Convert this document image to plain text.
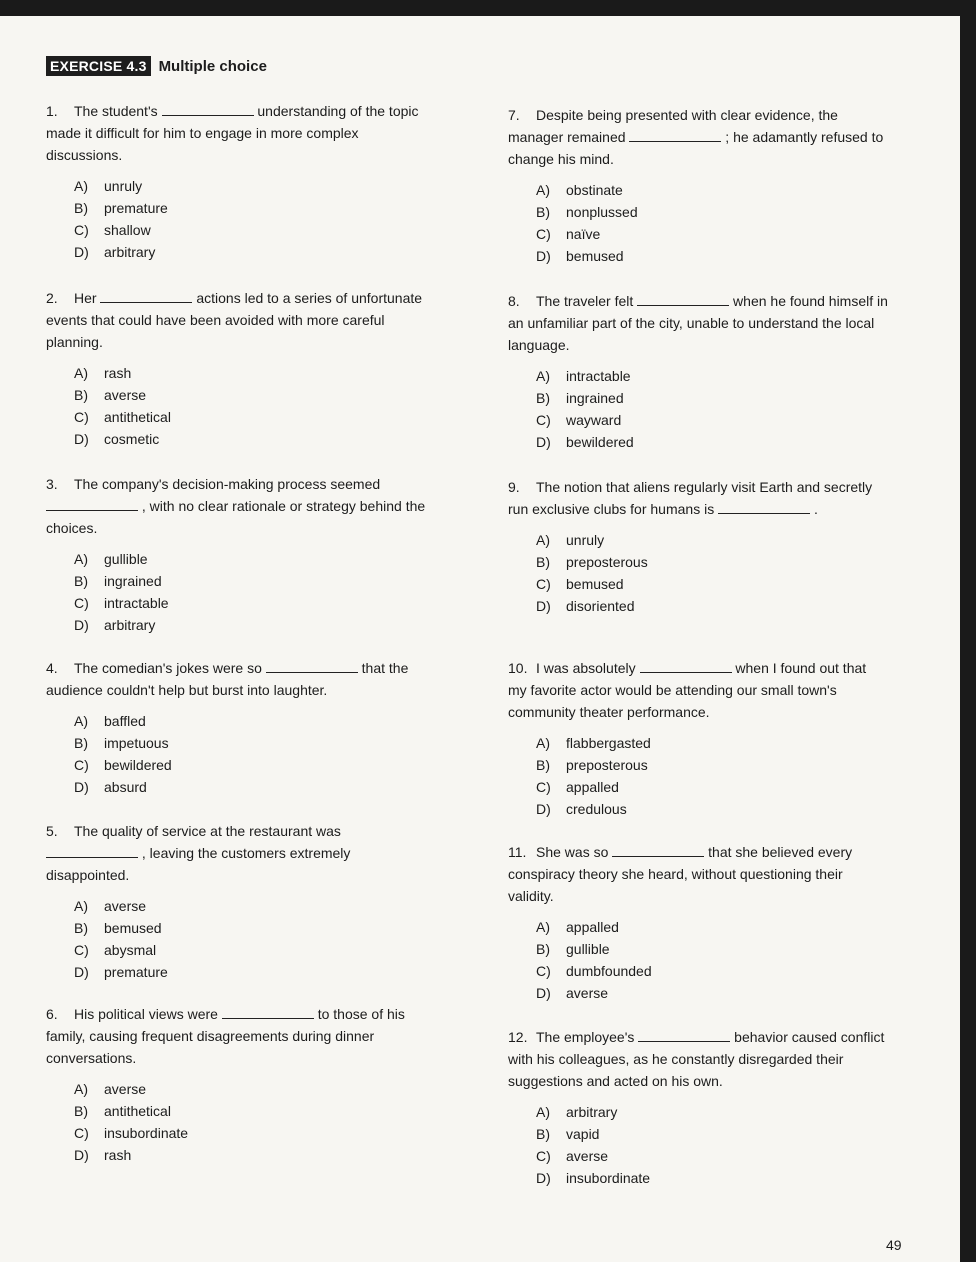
EXERCISE 4.3 Multiple choice

1. The student's	understanding of the topic made it difficult for him to engage in more complex discussions.

A) unruly
B) premature
C) shallow
D) arbitrary

2. Her	actions led to a series of unfortunate events that could have been avoided with more careful planning.

A) rash
B) averse
C) antithetical
D) cosmetic

3. The company's decision-making process seemed  , with no clear rationale or strategy behind the choices.

A) gullible
B) ingrained
C) intractable
D) arbitrary

4. The comedian's jokes were so	that the audience couldn't help but burst into laughter.

A) baffled
B) impetuous
C) bewildered
D) absurd

5. The quality of service at the restaurant was  , leaving the customers extremely disappointed.

A) averse
B) bemused
C) abysmal
D) premature

6. His political views were	to those of his family, causing frequent disagreements during dinner conversations.

A) averse
B) antithetical
C) insubordinate
D) rash

7. Despite being presented with clear evidence, the manager remained	; he adamantly refused to change his mind.

A) obstinate
B) nonplussed
C) naïve
D) bemused

8. The traveler felt	when he found himself in an unfamiliar part of the city, unable to understand the local language.

A) intractable
B) ingrained
C) wayward
D) bewildered

9. The notion that aliens regularly visit Earth and secretly run exclusive clubs for humans is	.

A) unruly
B) preposterous
C) bemused
D) disoriented

10. I was absolutely	when I found out that my favorite actor would be attending our small town's community theater performance.

A) flabbergasted
B) preposterous
C) appalled
D) credulous

11. She was so	that she believed every conspiracy theory she heard, without questioning their validity.

A) appalled
B) gullible
C) dumbfounded
D) averse

12. The employee's	behavior caused conflict with his colleagues, as he constantly disregarded their suggestions and acted on his own.

A) arbitrary
B) vapid
C) averse
D) insubordinate
49
